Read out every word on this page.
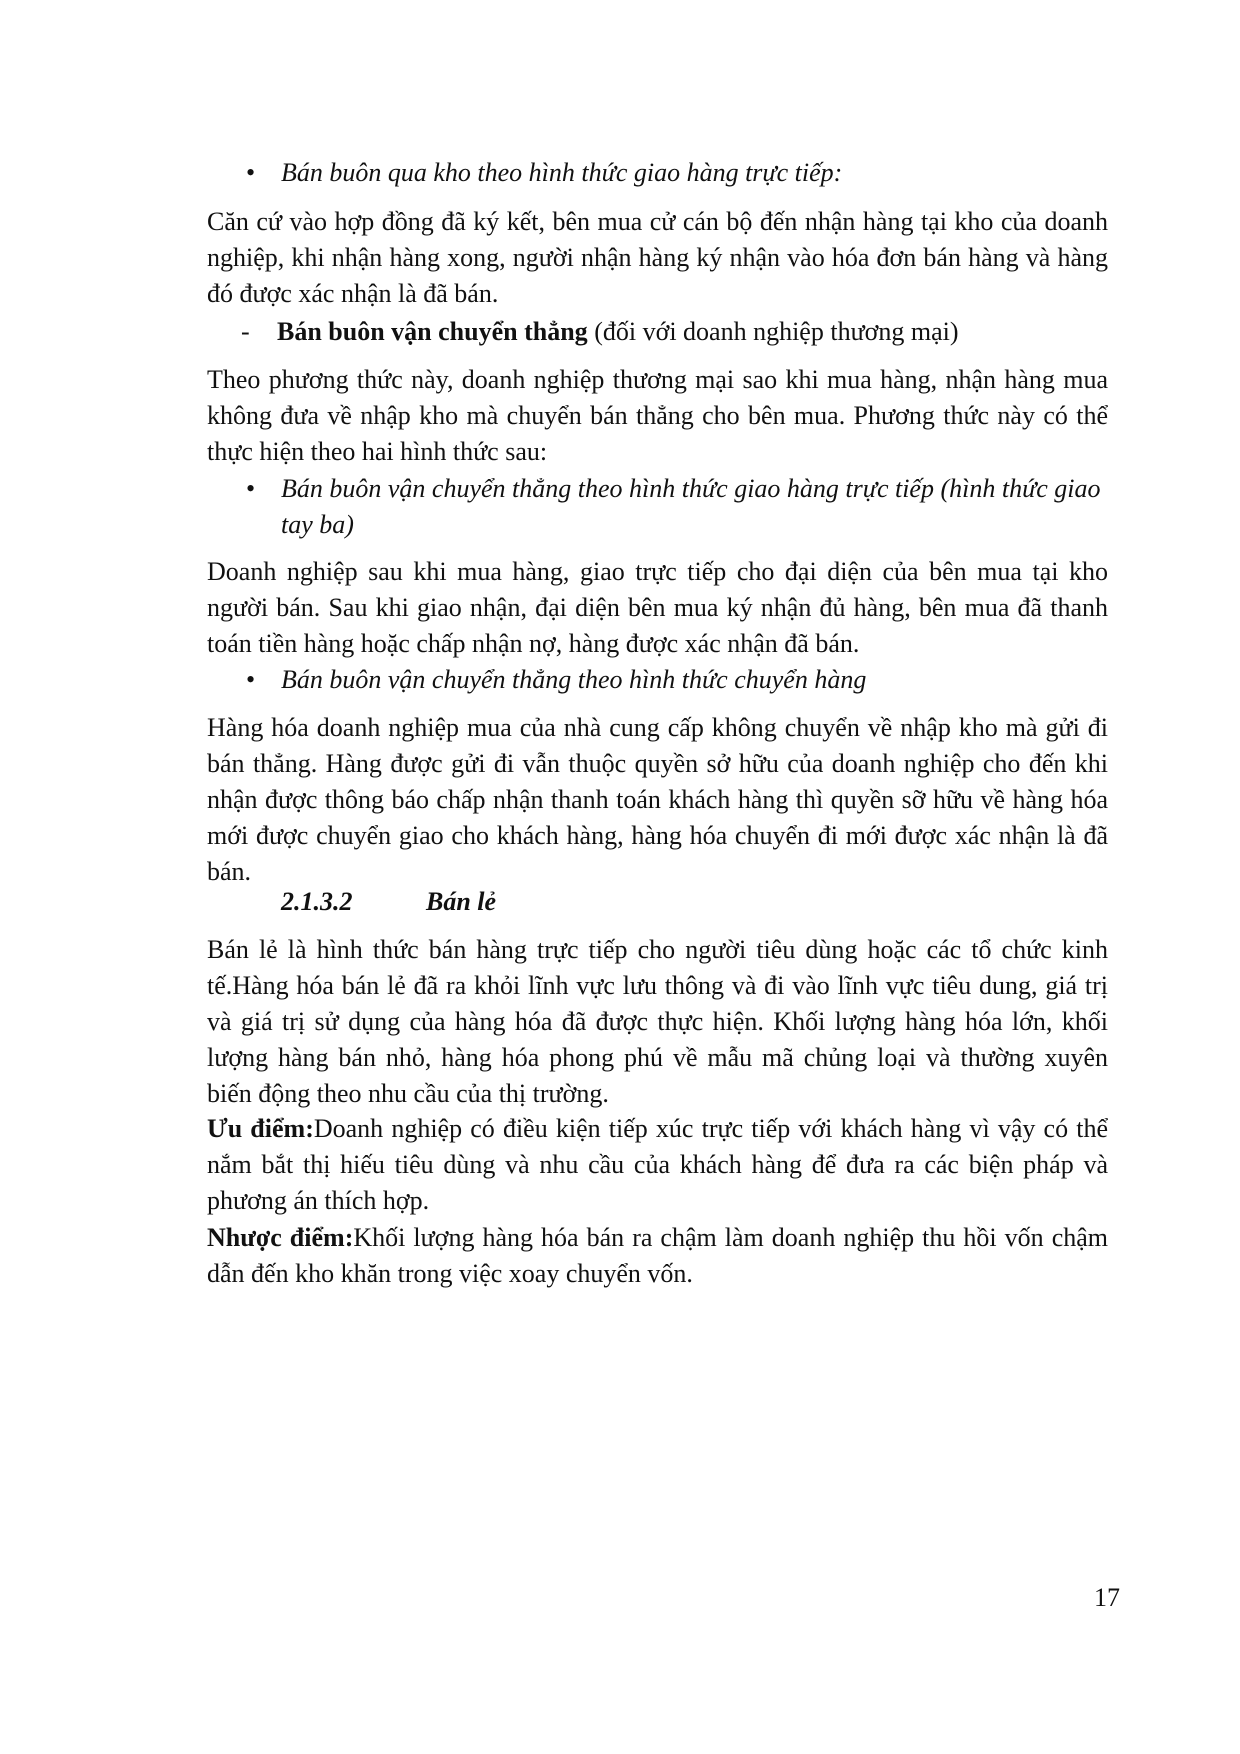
• Bán buôn qua kho theo hình thức giao hàng trực tiếp:
Căn cứ vào hợp đồng đã ký kết, bên mua cử cán bộ đến nhận hàng tại kho của doanh nghiệp, khi nhận hàng xong, người nhận hàng ký nhận vào hóa đơn bán hàng và hàng đó được xác nhận là đã bán.
- Bán buôn vận chuyển thẳng (đối với doanh nghiệp thương mại)
Theo phương thức này, doanh nghiệp thương mại sao khi mua hàng, nhận hàng mua không đưa về nhập kho mà chuyển bán thẳng cho bên mua. Phương thức này có thể thực hiện theo hai hình thức sau:
• Bán buôn vận chuyển thẳng theo hình thức giao hàng trực tiếp (hình thức giao tay ba)
Doanh nghiệp sau khi mua hàng, giao trực tiếp cho đại diện của bên mua tại kho người bán. Sau khi giao nhận, đại diện bên mua ký nhận đủ hàng, bên mua đã thanh toán tiền hàng hoặc chấp nhận nợ, hàng được xác nhận đã bán.
• Bán buôn vận chuyển thẳng theo hình thức chuyển hàng
Hàng hóa doanh nghiệp mua của nhà cung cấp không chuyển về nhập kho mà gửi đi bán thẳng. Hàng được gửi đi vẫn thuộc quyền sở hữu của doanh nghiệp cho đến khi nhận được thông báo chấp nhận thanh toán khách hàng thì quyền sỡ hữu về hàng hóa mới được chuyển giao cho khách hàng, hàng hóa chuyển đi mới được xác nhận là đã bán.
2.1.3.2	Bán lẻ
Bán lẻ là hình thức bán hàng trực tiếp cho người tiêu dùng hoặc các tổ chức kinh tế.Hàng hóa bán lẻ đã ra khỏi lĩnh vực lưu thông và đi vào lĩnh vực tiêu dung, giá trị và giá trị sử dụng của hàng hóa đã được thực hiện. Khối lượng hàng hóa lớn, khối lượng hàng bán nhỏ, hàng hóa phong phú về mẫu mã chủng loại và thường xuyên biến động theo nhu cầu của thị trường.
Ưu điểm:Doanh nghiệp có điều kiện tiếp xúc trực tiếp với khách hàng vì vậy có thể nắm bắt thị hiếu tiêu dùng và nhu cầu của khách hàng để đưa ra các biện pháp và phương án thích hợp.
Nhược điểm:Khối lượng hàng hóa bán ra chậm làm doanh nghiệp thu hồi vốn chậm dẫn đến kho khăn trong việc xoay chuyển vốn.
17
